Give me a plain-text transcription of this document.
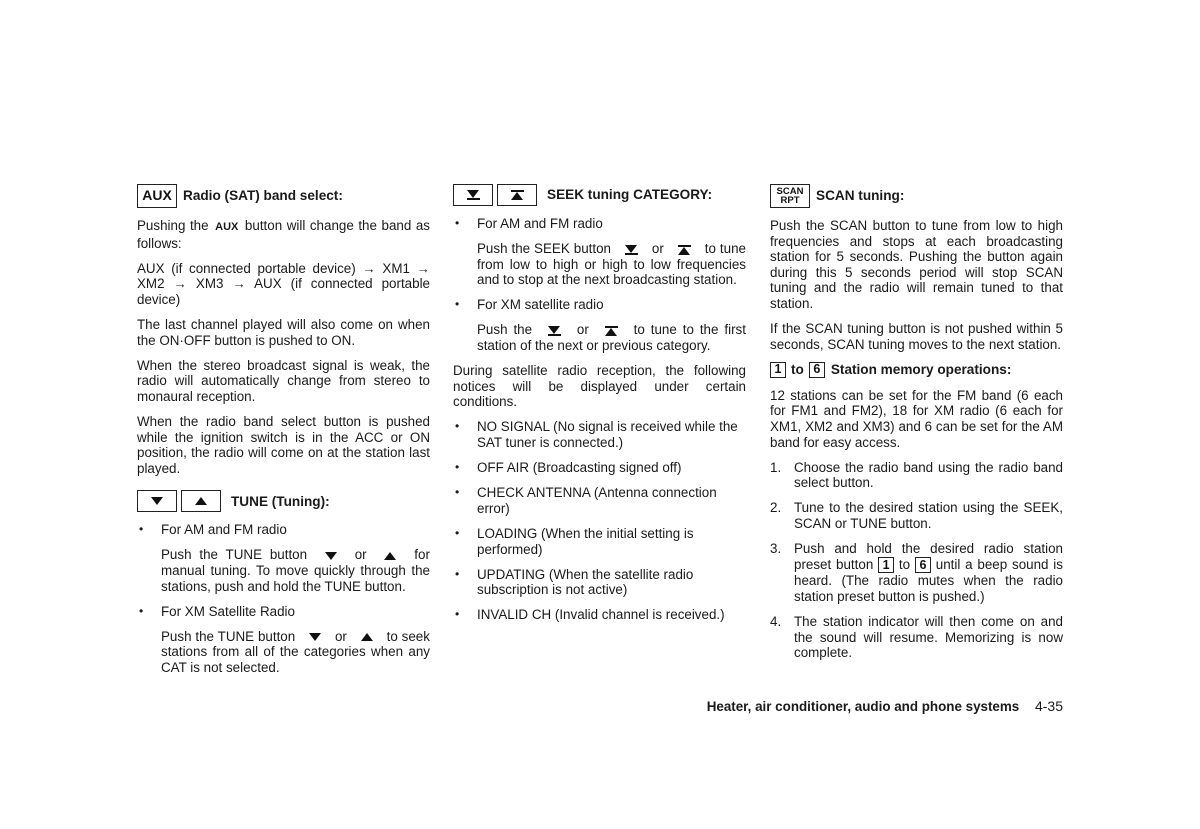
AUX Radio (SAT) band select:

Pushing the AUX button will change the band as follows:

AUX (if connected portable device) → XM1 → XM2 → XM3 → AUX (if connected portable device)

The last channel played will also come on when the ON·OFF button is pushed to ON.

When the stereo broadcast signal is weak, the radio will automatically change from stereo to monaural reception.

When the radio band select button is pushed while the ignition switch is in the ACC or ON position, the radio will come on at the station last played.

TUNE (Tuning):
• For AM and FM radio

Push the TUNE button	or	for manual tuning. To move quickly through the stations, push and hold the TUNE button.

• For XM Satellite Radio

Push the TUNE button	or	to seek stations from all of the categories when any CAT is not selected.

SEEK tuning CATEGORY:
• For AM and FM radio

Push the SEEK button	or	to tune from low to high or high to low frequencies and to stop at the next broadcasting station.

• For XM satellite radio

Push the	or	to tune to the first station of the next or previous category.

During satellite radio reception, the following notices will be displayed under certain conditions.

• NO SIGNAL (No signal is received while the SAT tuner is connected.)
• OFF AIR (Broadcasting signed off)
• CHECK ANTENNA (Antenna connection error)
• LOADING (When the initial setting is performed)
• UPDATING (When the satellite radio subscription is not active)
• INVALID CH (Invalid channel is received.)
SCAN
RPT SCAN tuning:

Push the SCAN button to tune from low to high frequencies and stops at each broadcasting station for 5 seconds. Pushing the button again during this 5 seconds period will stop SCAN tuning and the radio will remain tuned to that station.

If the SCAN tuning button is not pushed within 5 seconds, SCAN tuning moves to the next station.

1 to 6 Station memory operations:

12 stations can be set for the FM band (6 each for FM1 and FM2), 18 for XM radio (6 each for XM1, XM2 and XM3) and 6 can be set for the AM band for easy access.

1. Choose the radio band using the radio band select button.
2. Tune to the desired station using the SEEK, SCAN or TUNE button.
3. Push and hold the desired radio station preset button 1 to 6 until a beep sound is heard. (The radio mutes when the radio station preset button is pushed.)
4. The station indicator will then come on and the sound will resume. Memorizing is now complete.
Heater, air conditioner, audio and phone systems 4-35
